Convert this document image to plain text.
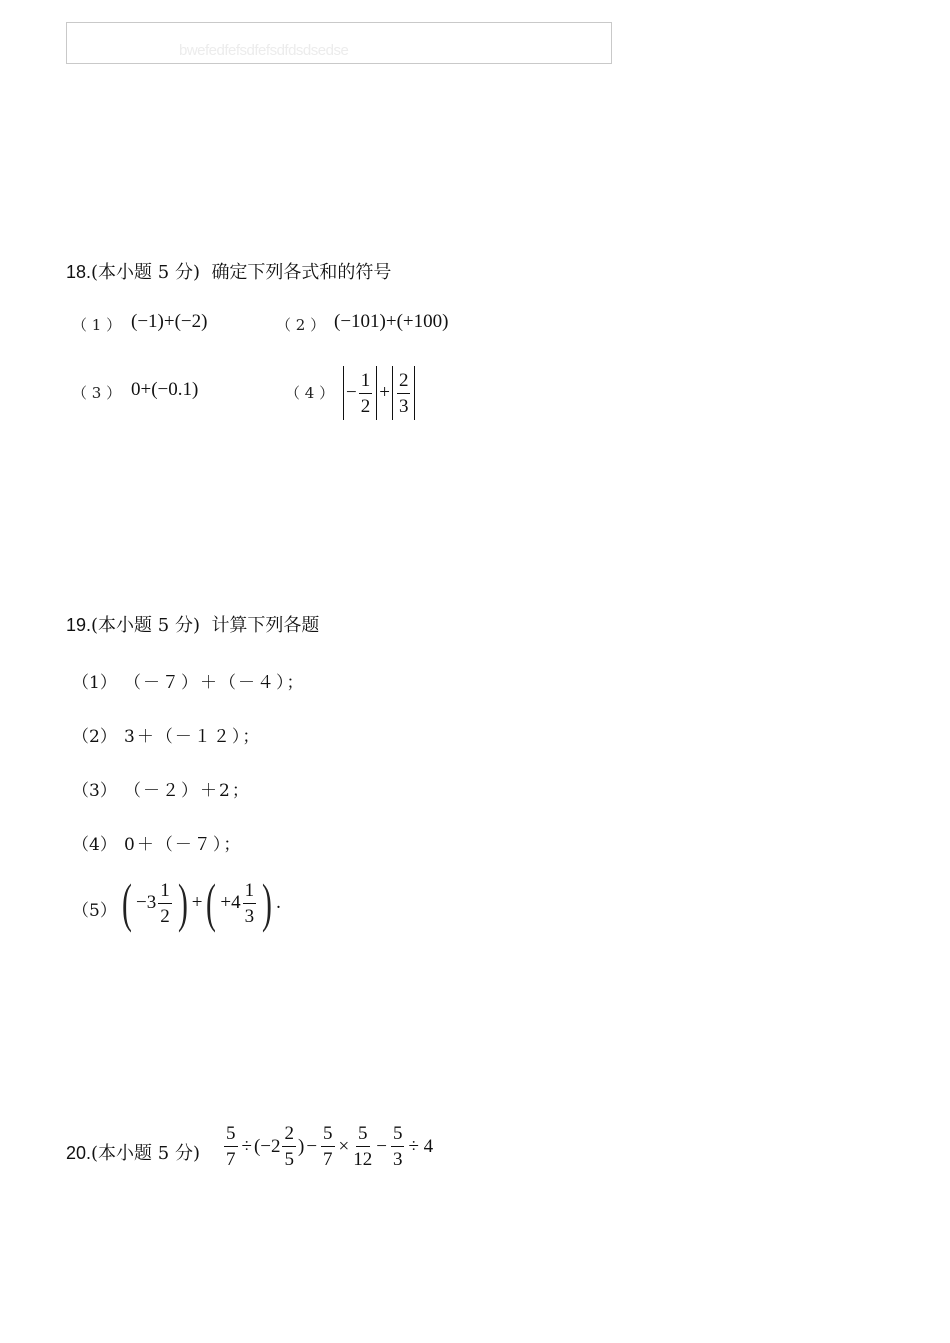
bwefedfefsdfefsdfdsdsedse
18.(本小题 5 分) 确定下列各式和的符号
（ 1 ） (−1)+(−2)	（ 2 ） (−101)+(+100)
（ 3 ） 0+(−0.1)	（ 4 ） − $\frac{1}{2} + \frac{2}{3}$
19.(本小题 5 分) 计算下列各题
（1） （－７）＋（－４）；
（2） 3＋（－１２）；
（3） （－２）＋2；
（4） 0＋（－７）；
（5） ( $-3 \frac{1}{2}$ ) + ( $+4 \frac{1}{3}$ ) .
20.(本小题 5 分) $\frac{5}{7} \div (-2 \frac{2}{5}$ ) − $\frac{5}{7} \times \frac{5}{12} - \frac{5}{3} \div 4$
